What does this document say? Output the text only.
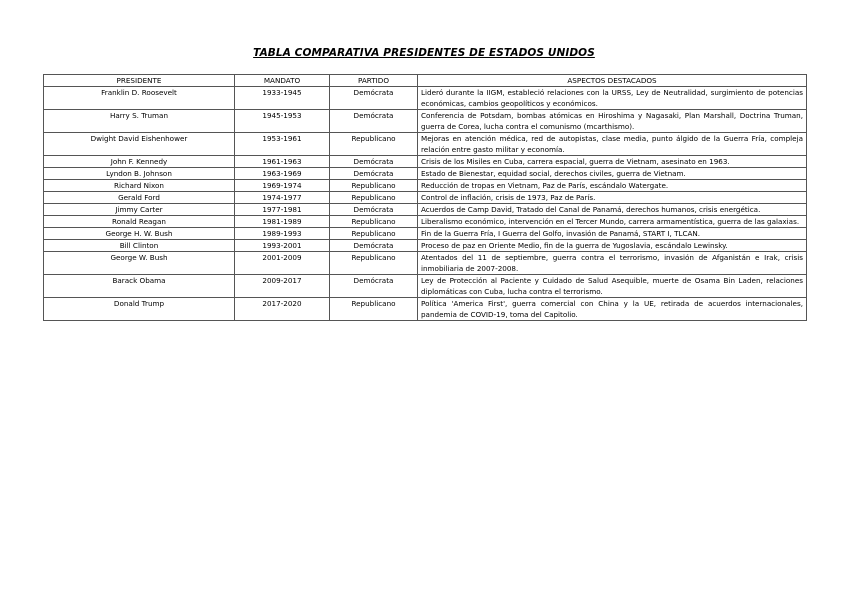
TABLA COMPARATIVA PRESIDENTES DE ESTADOS UNIDOS
PRESIDENTE	MANDATO	PARTIDO	ASPECTOS DESTACADOS
Franklin D. Roosevelt	1933-1945	Demócrata	Lideró durante la IIGM, estableció relaciones con la URSS, Ley de Neutralidad, surgimiento de potencias económicas, cambios geopolíticos y económicos.
Harry S. Truman	1945-1953	Demócrata	Conferencia de Potsdam, bombas atómicas en Hiroshima y Nagasaki, Plan Marshall, Doctrina Truman, guerra de Corea, lucha contra el comunismo (mcarthismo).
Dwight David Eishenhower	1953-1961	Republicano	Mejoras en atención médica, red de autopistas, clase media, punto álgido de la Guerra Fría, compleja relación entre gasto militar y economía.
John F. Kennedy	1961-1963	Demócrata	Crisis de los Misiles en Cuba, carrera espacial, guerra de Vietnam, asesinato en 1963.
Lyndon B. Johnson	1963-1969	Demócrata	Estado de Bienestar, equidad social, derechos civiles, guerra de Vietnam.
Richard Nixon	1969-1974	Republicano	Reducción de tropas en Vietnam, Paz de París, escándalo Watergate.
Gerald Ford	1974-1977	Republicano	Control de inflación, crisis de 1973, Paz de París.
Jimmy Carter	1977-1981	Demócrata	Acuerdos de Camp David, Tratado del Canal de Panamá, derechos humanos, crisis energética.
Ronald Reagan	1981-1989	Republicano	Liberalismo económico, intervención en el Tercer Mundo, carrera armamentística, guerra de las galaxias.
George H. W. Bush	1989-1993	Republicano	Fin de la Guerra Fría, I Guerra del Golfo, invasión de Panamá, START I, TLCAN.
Bill Clinton	1993-2001	Demócrata	Proceso de paz en Oriente Medio, fin de la guerra de Yugoslavia, escándalo Lewinsky.
George W. Bush	2001-2009	Republicano	Atentados del 11 de septiembre, guerra contra el terrorismo, invasión de Afganistán e Irak, crisis inmobiliaria de 2007-2008.
Barack Obama	2009-2017	Demócrata	Ley de Protección al Paciente y Cuidado de Salud Asequible, muerte de Osama Bin Laden, relaciones diplomáticas con Cuba, lucha contra el terrorismo.
Donald Trump	2017-2020	Republicano	Política 'America First', guerra comercial con China y la UE, retirada de acuerdos internacionales, pandemia de COVID-19, toma del Capitolio.
